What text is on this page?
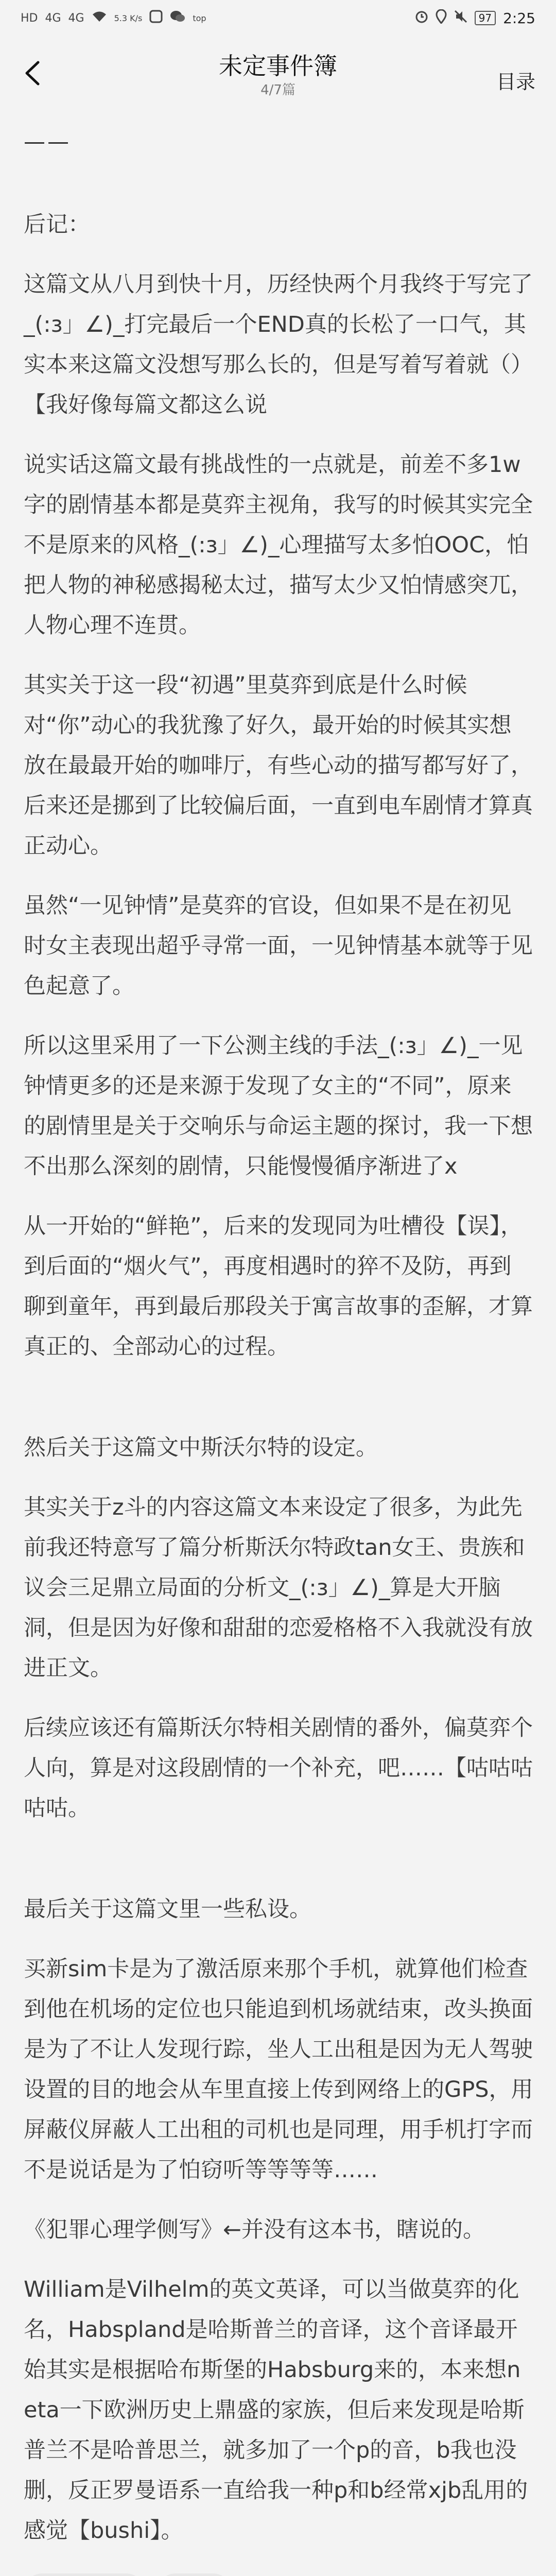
HD 4G 4G	5.3 K/s	top	97 2:25
未定事件簿
4/7篇	目录
——

后记：

这篇文从八月到快十月，历经快两个月我终于写完了_(:з」∠)_打完最后一个END真的长松了一口气，其实本来这篇文没想写那么长的，但是写着写着就（）【我好像每篇文都这么说

说实话这篇文最有挑战性的一点就是，前差不多1w字的剧情基本都是莫弈主视角，我写的时候其实完全不是原来的风格_(:з」∠)_心理描写太多怕OOC，怕把人物的神秘感揭秘太过，描写太少又怕情感突兀，人物心理不连贯。

其实关于这一段“初遇”里莫弈到底是什么时候对“你”动心的我犹豫了好久，最开始的时候其实想放在最最开始的咖啡厅，有些心动的描写都写好了，后来还是挪到了比较偏后面，一直到电车剧情才算真正动心。

虽然“一见钟情”是莫弈的官设，但如果不是在初见时女主表现出超乎寻常一面，一见钟情基本就等于见色起意了。

所以这里采用了一下公测主线的手法_(:з」∠)_一见钟情更多的还是来源于发现了女主的“不同”，原来的剧情里是关于交响乐与命运主题的探讨，我一下想不出那么深刻的剧情，只能慢慢循序渐进了x

从一开始的“鲜艳”，后来的发现同为吐槽役【误】，到后面的“烟火气”，再度相遇时的猝不及防，再到聊到童年，再到最后那段关于寓言故事的歪解，才算真正的、全部动心的过程。

然后关于这篇文中斯沃尔特的设定。

其实关于z斗的内容这篇文本来设定了很多，为此先前我还特意写了篇分析斯沃尔特政tan女王、贵族和议会三足鼎立局面的分析文_(:з」∠)_算是大开脑洞，但是因为好像和甜甜的恋爱格格不入我就没有放进正文。

后续应该还有篇斯沃尔特相关剧情的番外，偏莫弈个人向，算是对这段剧情的一个补充，吧……【咕咕咕咕咕。

最后关于这篇文里一些私设。

买新sim卡是为了激活原来那个手机，就算他们检查到他在机场的定位也只能追到机场就结束，改头换面是为了不让人发现行踪，坐人工出租是因为无人驾驶设置的目的地会从车里直接上传到网络上的GPS，用屏蔽仪屏蔽人工出租的司机也是同理，用手机打字而不是说话是为了怕窃听等等等等……

《犯罪心理学侧写》←并没有这本书，瞎说的。

William是Vilhelm的英文英译，可以当做莫弈的化名，Habspland是哈斯普兰的音译，这个音译最开始其实是根据哈布斯堡的Habsburg来的，本来想neta一下欧洲历史上鼎盛的家族，但后来发现是哈斯普兰不是哈普思兰，就多加了一个p的音，b我也没删，反正罗曼语系一直给我一种p和b经常xjb乱用的感觉【bushi】。
